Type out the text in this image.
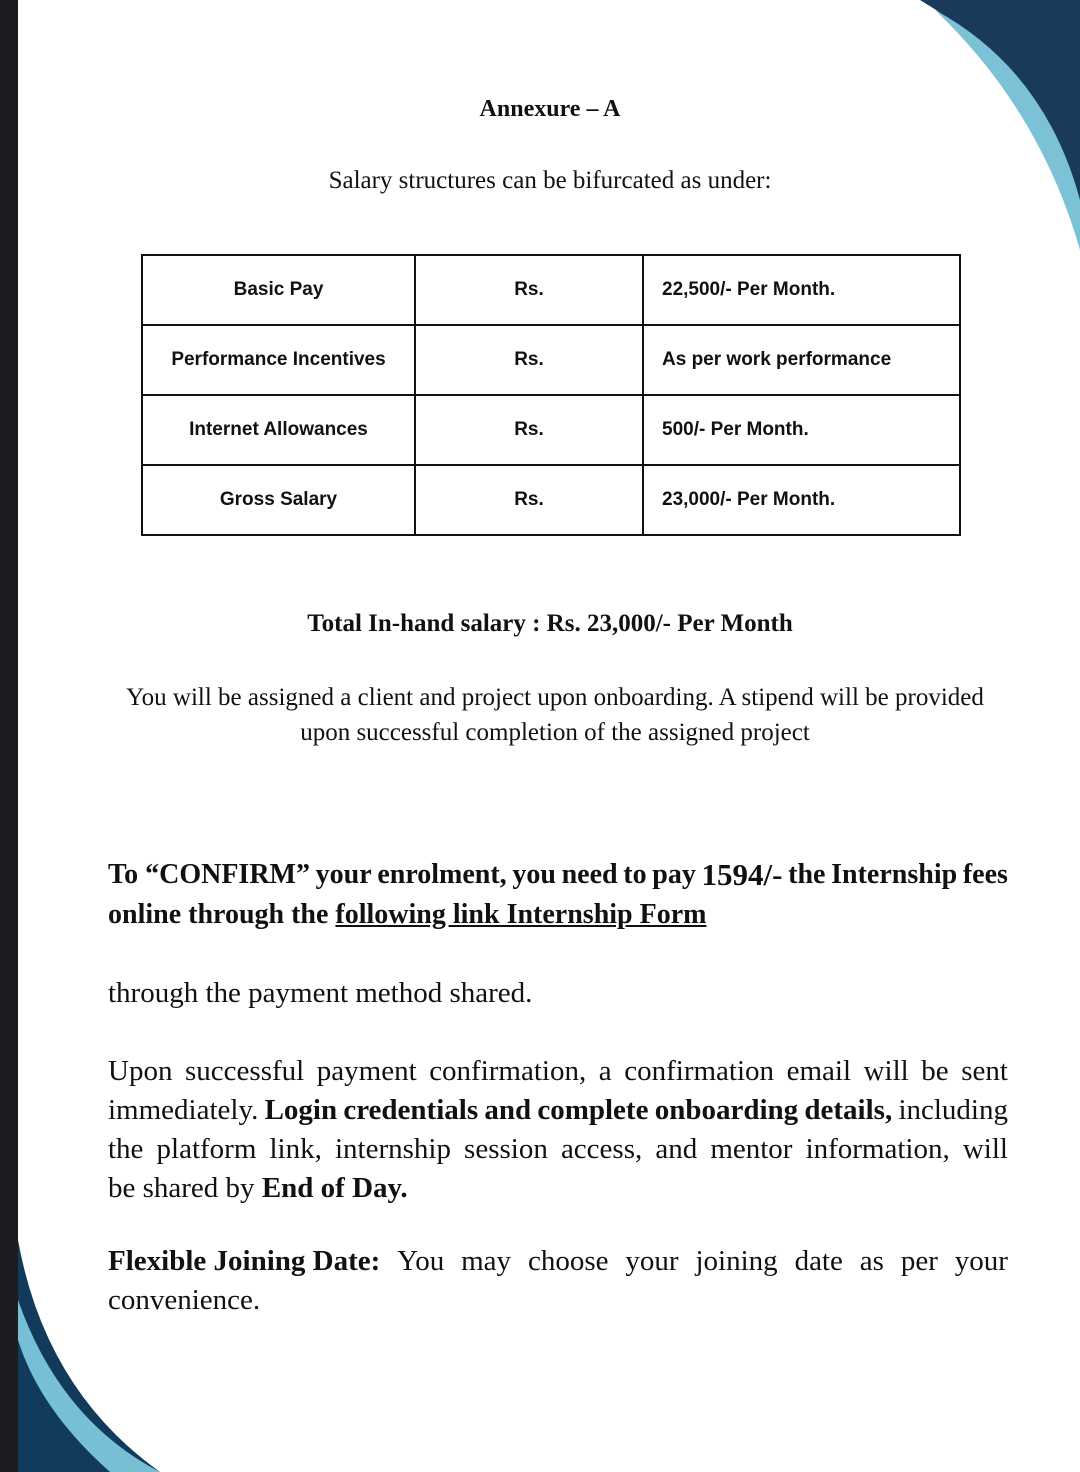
Annexure – A
Salary structures can be bifurcated as under:
Basic Pay	Rs.	22,500/- Per Month.
Performance Incentives	Rs.	As per work performance
Internet Allowances	Rs.	500/- Per Month.
Gross Salary	Rs.	23,000/- Per Month.
Total In-hand salary : Rs. 23,000/- Per Month
You will be assigned a client and project upon onboarding. A stipend will be provided
upon successful completion of the assigned project
To “CONFIRM” your enrolment, you need to pay 1594/- the Internship fees
online through the following link Internship Form
through the payment method shared.
Upon successful payment confirmation, a confirmation email will be sent
immediately. Login credentials and complete onboarding details, including
the platform link, internship session access, and mentor information, will
be shared by
End of Day.
Flexible Joining Date: You may choose your joining date as per your
convenience.
